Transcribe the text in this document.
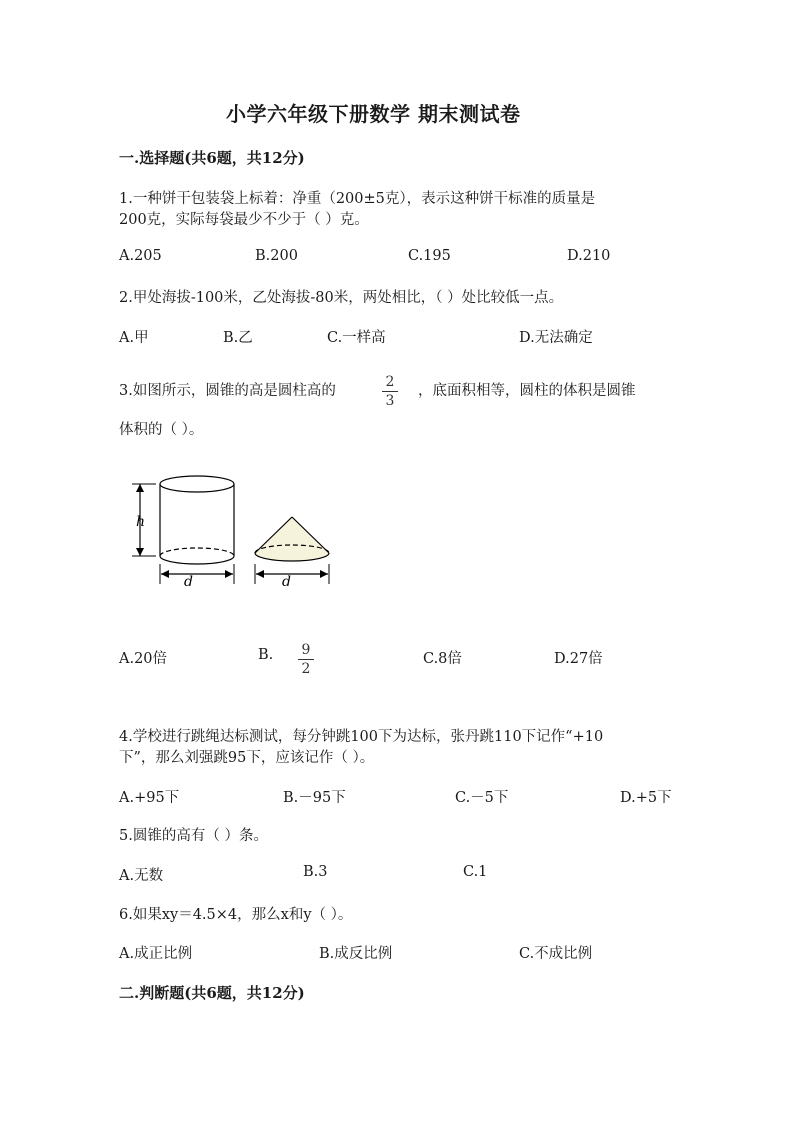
小学六年级下册数学 期末测试卷
一.选择题(共6题，共12分)
1.一种饼干包装袋上标着：净重（200±5克），表示这种饼干标准的质量是
200克，实际每袋最少不少于（ ）克。
A.205	B.200	C.195	D.210
2.甲处海拔-100米，乙处海拔-80米，两处相比，（ ）处比较低一点。
A.甲	B.乙	C.一样高	D.无法确定
3.如图所示，圆锥的高是圆柱高的
2
3
，底面积相等，圆柱的体积是圆锥
体积的（ ）。
h
d	d
A.20倍	B. 9
2
C.8倍	D.27倍
4.学校进行跳绳达标测试，每分钟跳100下为达标，张丹跳110下记作“+10
下”，那么刘强跳95下，应该记作（ ）。
A.+95下	B.－95下	C.－5下	D.+5下
5.圆锥的高有（ ）条。
A.无数	B.3	C.1
6.如果xy＝4.5×4，那么x和y（ ）。
A.成正比例	B.成反比例	C.不成比例
二.判断题(共6题，共12分)
